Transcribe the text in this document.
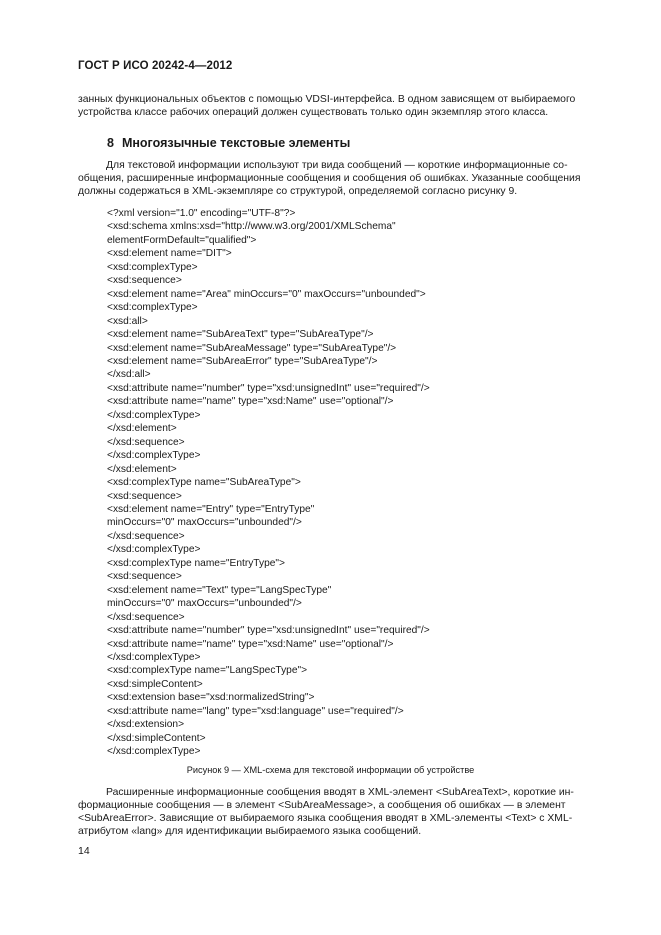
ГОСТ Р ИСО 20242-4—2012

занных функциональных объектов с помощью VDSI-интерфейса. В одном зависящем от выбираемого

устройства классе рабочих операций должен существовать только один экземпляр этого класса.

8 Многоязычные текстовые элементы

Для текстовой информации используют три вида сообщений — короткие информационные со-

общения, расширенные информационные сообщения и сообщения об ошибках. Указанные сообщения

должны содержаться в XML-экземпляре со структурой, определяемой согласно рисунку 9.

<?xml version="1.0" encoding="UTF-8"?>
<xsd:schema xmlns:xsd="http://www.w3.org/2001/XMLSchema"
elementFormDefault="qualified">
<xsd:element name="DIT">
<xsd:complexType>
<xsd:sequence>
<xsd:element name="Area" minOccurs="0" maxOccurs="unbounded">
<xsd:complexType>
<xsd:all>
<xsd:element name="SubAreaText" type="SubAreaType"/>
<xsd:element name="SubAreaMessage" type="SubAreaType"/>
<xsd:element name="SubAreaError" type="SubAreaType"/>
</xsd:all>
<xsd:attribute name="number" type="xsd:unsignedInt" use="required"/>
<xsd:attribute name="name" type="xsd:Name" use="optional"/>
</xsd:complexType>
</xsd:element>
</xsd:sequence>
</xsd:complexType>
</xsd:element>
<xsd:complexType name="SubAreaType">
<xsd:sequence>
<xsd:element name="Entry" type="EntryType"
minOccurs="0" maxOccurs="unbounded"/>
</xsd:sequence>
</xsd:complexType>
<xsd:complexType name="EntryType">
<xsd:sequence>
<xsd:element name="Text" type="LangSpecType"
minOccurs="0" maxOccurs="unbounded"/>
</xsd:sequence>
<xsd:attribute name="number" type="xsd:unsignedInt" use="required"/>
<xsd:attribute name="name" type="xsd:Name" use="optional"/>
</xsd:complexType>
<xsd:complexType name="LangSpecType">
<xsd:simpleContent>
<xsd:extension base="xsd:normalizedString">
<xsd:attribute name="lang" type="xsd:language" use="required"/>
</xsd:extension>
</xsd:simpleContent>
</xsd:complexType>
Рисунок 9 — XML-схема для текстовой информации об устройстве

Расширенные информационные сообщения вводят в XML-элемент <SubAreaText>, короткие ин-

формационные сообщения — в элемент <SubAreaMessage>, а сообщения об ошибках — в элемент

<SubAreaError>. Зависящие от выбираемого языка сообщения вводят в XML-элементы <Text> с XML-

атрибутом «lang» для идентификации выбираемого языка сообщений.

14
